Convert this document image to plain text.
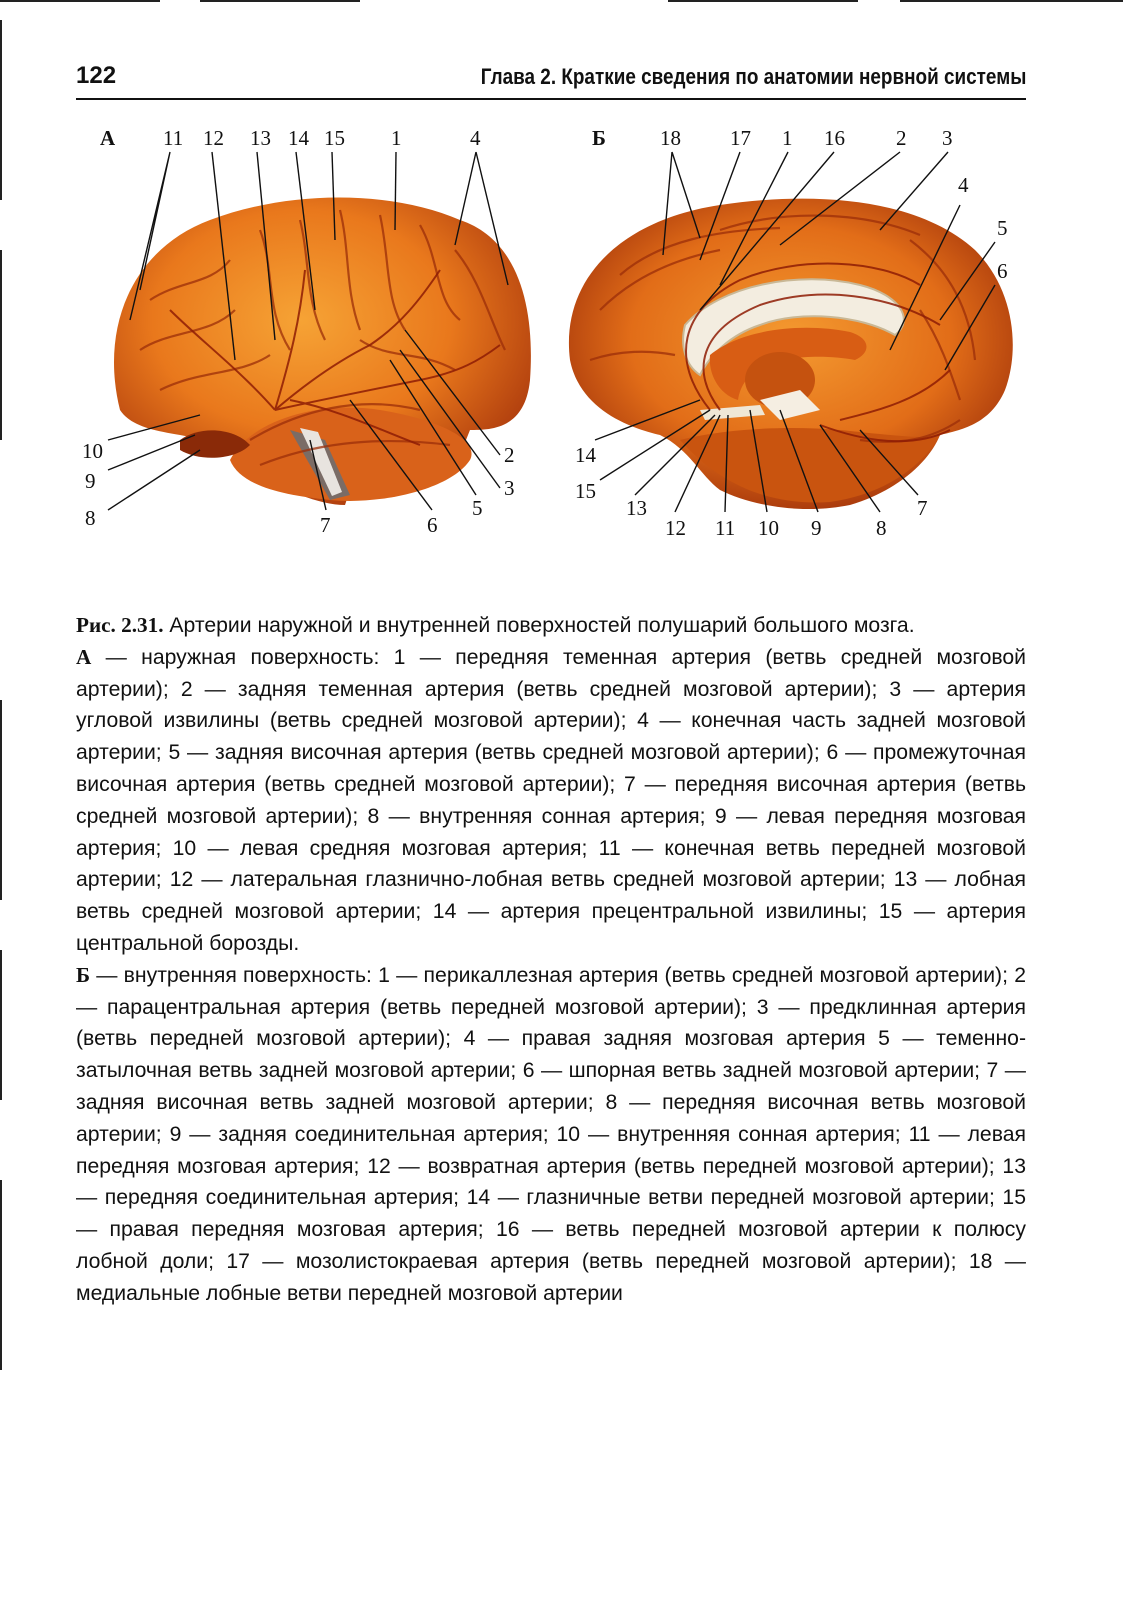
122	Глава 2. Краткие сведения по анатомии нервной системы
А 11 12 13 14 15 1	4
10
9
8	7	6
5
2
3
Б	18 17 1 16 2 3
4
5
6
14
15
13
12 11 10 9	8
7

Рис. 2.31. Артерии наружной и внутренней поверхностей полушарий большого мозга.

А — наружная поверхность: 1 — передняя теменная артерия (ветвь средней мозговой артерии); 2 — задняя теменная артерия (ветвь средней мозговой артерии); 3 — артерия угловой извилины (ветвь средней мозговой артерии); 4 — конечная часть задней мозговой артерии; 5 — задняя височная артерия (ветвь средней мозговой артерии); 6 — промежуточная височная артерия (ветвь средней мозговой артерии); 7 — передняя височная артерия (ветвь средней мозговой артерии); 8 — внутренняя сонная артерия; 9 — левая передняя мозговая артерия; 10 — левая средняя мозговая артерия; 11 — конечная ветвь передней мозговой артерии; 12 — латеральная глазнично-лобная ветвь средней мозговой артерии; 13 — лобная ветвь средней мозговой артерии; 14 — артерия прецентральной извилины; 15 — артерия центральной борозды.

Б — внутренняя поверхность: 1 — перикаллезная артерия (ветвь средней мозговой артерии); 2 — парацентральная артерия (ветвь передней мозговой артерии); 3 — предклинная артерия (ветвь передней мозговой артерии); 4 — правая задняя мозговая артерия 5 — теменно-затылочная ветвь задней мозговой артерии; 6 — шпорная ветвь задней мозговой артерии; 7 — задняя височная ветвь задней мозговой артерии; 8 — передняя височная ветвь мозговой артерии; 9 — задняя соединительная артерия; 10 — внутренняя сонная артерия; 11 — левая передняя мозговая артерия; 12 — возвратная артерия (ветвь передней мозговой артерии); 13 — передняя соединительная артерия; 14 — глазничные ветви передней мозговой артерии; 15 — правая передняя мозговая артерия; 16 — ветвь передней мозговой артерии к полюсу лобной доли; 17 — мозолистокраевая артерия (ветвь передней мозговой артерии); 18 — медиальные лобные ветви передней мозговой артерии
